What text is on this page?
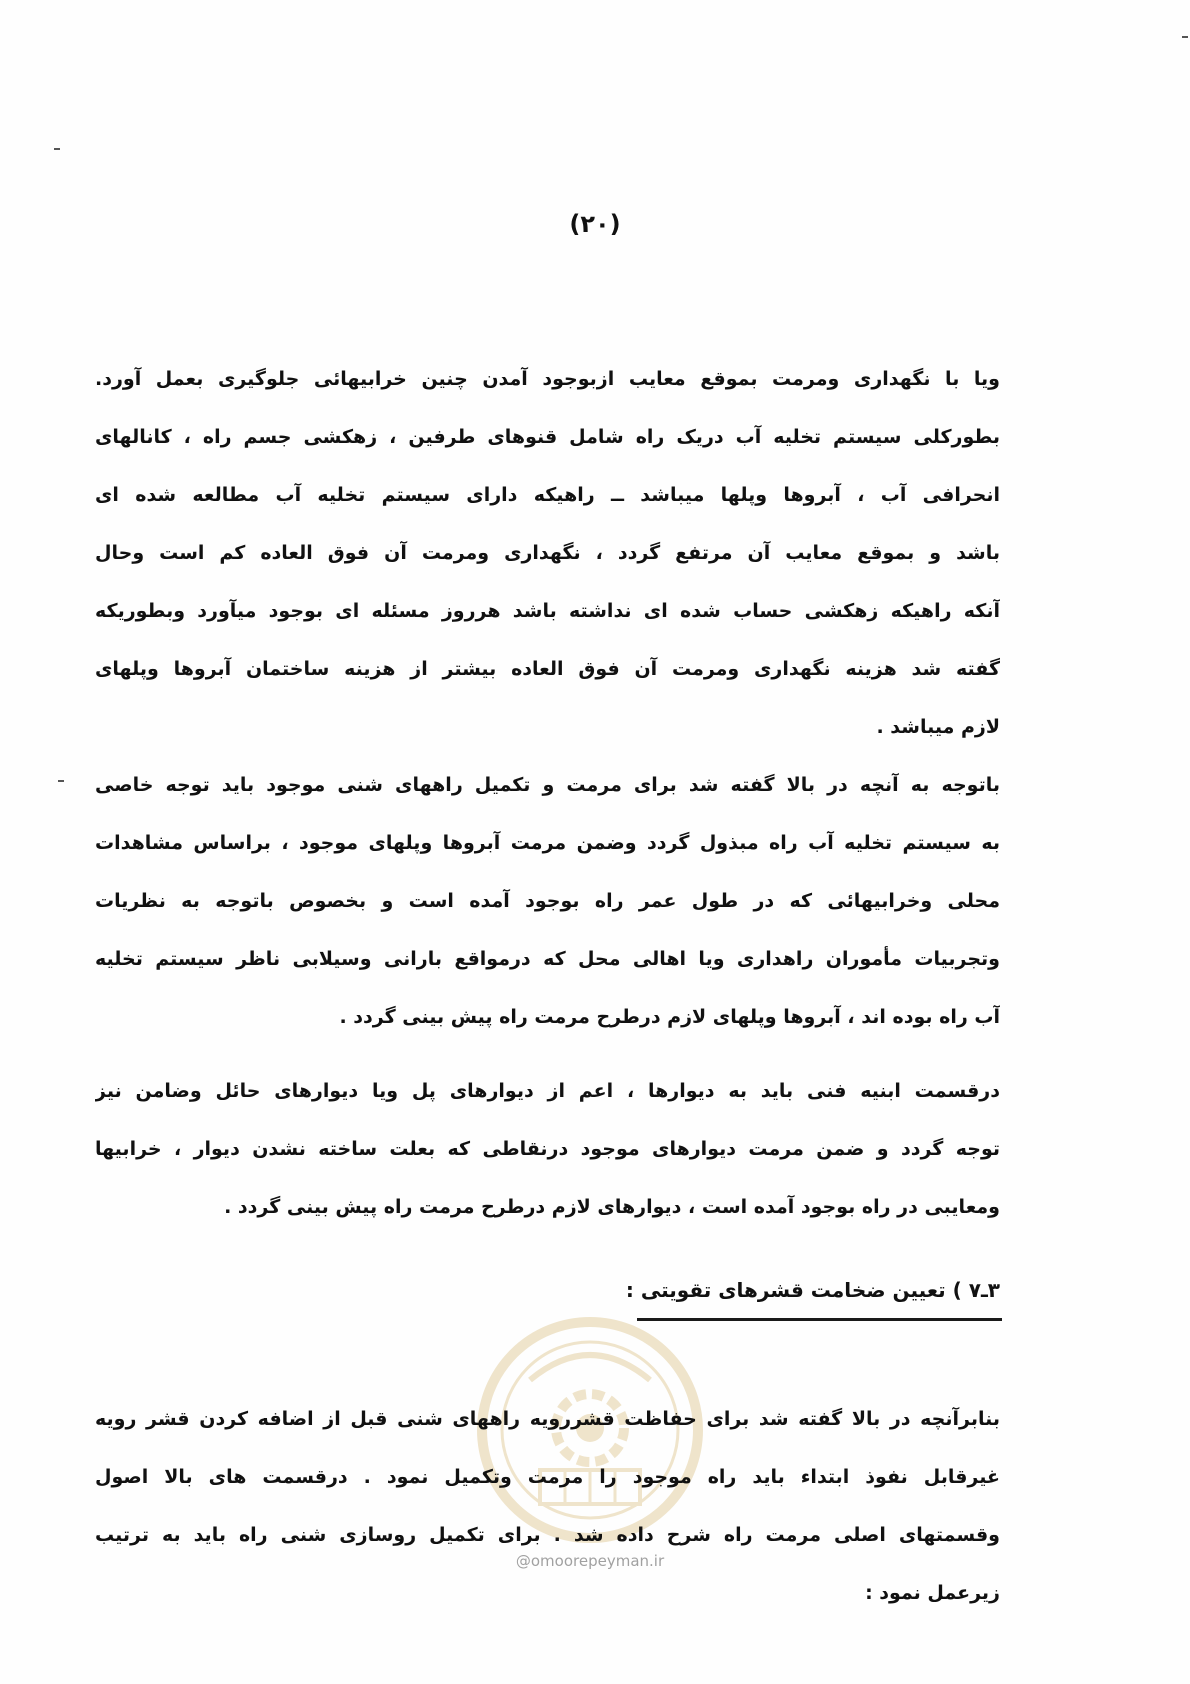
(٢٠)
ویا با نگهداری ومرمت بموقع معایب ازبوجود آمدن چنین خرابیهائی جلوگیری بعمل آورد.
بطورکلی سیستم تخلیه آب دریک راه شامل قنوهای طرفین ، زهکشی جسم راه ، کانالهای
انحرافی آب ، آبروها وپلها میباشد ــ راهیکه دارای سیستم تخلیه آب مطالعه شده ای
باشد و بموقع معایب آن مرتفع گردد ، نگهداری ومرمت آن فوق العاده کم است وحال
آنکه راهیکه زهکشی حساب شده ای نداشته باشد هرروز مسئله ای بوجود میآورد وبطوریکه
گفته شد هزینه نگهداری ومرمت آن فوق العاده بیشتر از هزینه ساختمان آبروها وپلهای
لازم میباشد .
باتوجه به آنچه در بالا گفته شد برای مرمت و تکمیل راههای شنی موجود باید توجه خاصی
به سیستم تخلیه آب راه مبذول گردد وضمن مرمت آبروها وپلهای موجود ، براساس مشاهدات
محلی وخرابیهائی که در طول عمر راه بوجود آمده است و بخصوص باتوجه به نظریات
وتجربیات مأموران راهداری ویا اهالی محل که درمواقع بارانی وسیلابی ناظر سیستم تخلیه
آب راه بوده اند ، آبروها وپلهای لازم درطرح مرمت راه پیش بینی گردد .
درقسمت ابنیه فنی باید به دیوارها ، اعم از دیوارهای پل ویا دیوارهای حائل وضامن نیز
توجه گردد و ضمن مرمت دیوارهای موجود درنقاطی که بعلت ساخته نشدن دیوار ، خرابیها
ومعایبی در راه بوجود آمده است ، دیوارهای لازم درطرح مرمت راه پیش بینی گردد .
٣ـ٧ ) تعیین ضخامت قشرهای تقویتی :
@omoorepeyman.ir
بنابرآنچه در بالا گفته شد برای حفاظت قشررویه راههای شنی قبل از اضافه کردن قشر رویه
غیرقابل نفوذ ابتداء باید راه موجود را مرمت وتکمیل نمود . درقسمت های بالا اصول
وقسمتهای اصلی مرمت راه شرح داده شد . برای تکمیل روسازی شنی راه باید به ترتیب
زیرعمل نمود :
